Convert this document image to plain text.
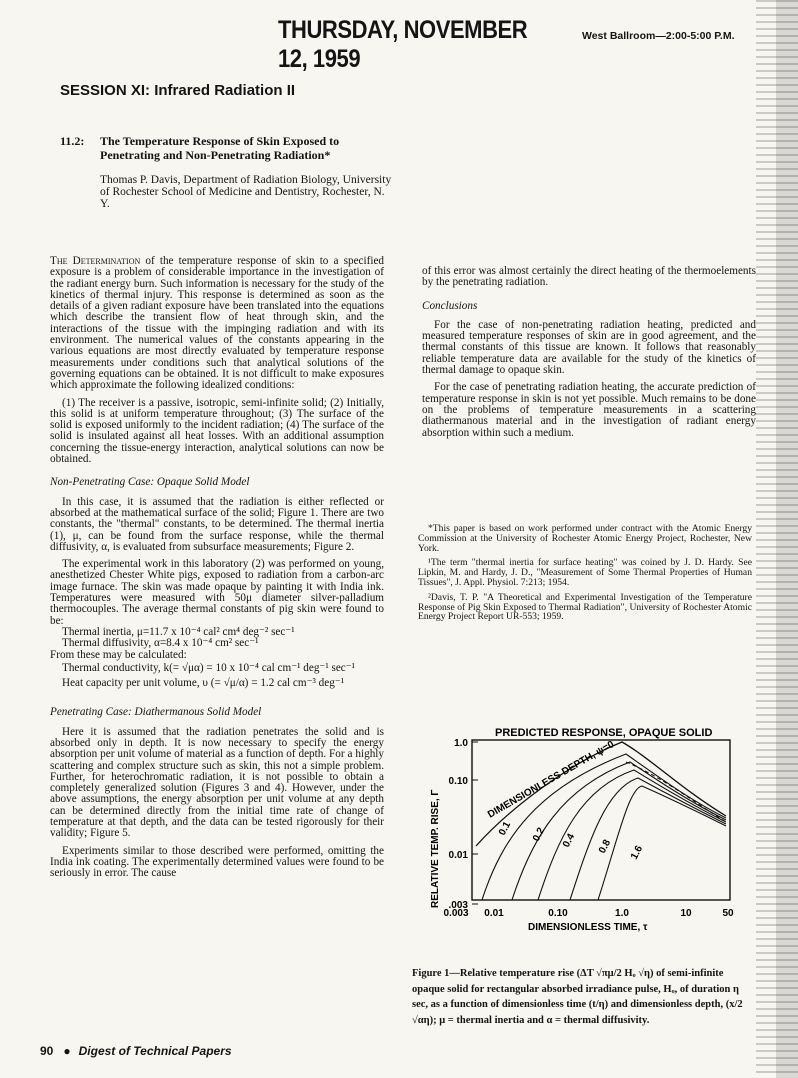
THURSDAY, NOVEMBER 12, 1959
West Ballroom—2:00-5:00 P.M.
SESSION XI: Infrared Radiation II
11.2: The Temperature Response of Skin Exposed to Penetrating and Non-Penetrating Radiation*
Thomas P. Davis, Department of Radiation Biology, University of Rochester School of Medicine and Dentistry, Rochester, N. Y.

The Determination of the temperature response of skin to a specified exposure is a problem of considerable importance in the investigation of the radiant energy burn. Such information is necessary for the study of the kinetics of thermal injury. This response is determined as soon as the details of a given radiant exposure have been translated into the equations which describe the transient flow of heat through skin, and the interactions of the tissue with the impinging radiation and with its environment. The numerical values of the constants appearing in the various equations are most directly evaluated by temperature response measurements under conditions such that analytical solutions of the governing equations can be obtained. It is not difficult to make exposures which approximate the following idealized conditions:

(1) The receiver is a passive, isotropic, semi-infinite solid; (2) Initially, this solid is at uniform temperature throughout; (3) The surface of the solid is exposed uniformly to the incident radiation; (4) The surface of the solid is insulated against all heat losses. With an additional assumption concerning the tissue-energy interaction, analytical solutions can now be obtained.

Non-Penetrating Case: Opaque Solid Model

In this case, it is assumed that the radiation is either reflected or absorbed at the mathematical surface of the solid; Figure 1. There are two constants, the "thermal" constants, to be determined. The thermal inertia (1), μ, can be found from the surface response, while the thermal diffusivity, α, is evaluated from subsurface measurements; Figure 2.

The experimental work in this laboratory (2) was performed on young, anesthetized Chester White pigs, exposed to radiation from a carbon-arc image furnace. The skin was made opaque by painting it with India ink. Temperatures were measured with 50μ diameter silver-palladium thermocouples. The average thermal constants of pig skin were found to be:

Thermal inertia, μ=11.7 x 10⁻⁴ cal² cm⁴ deg⁻² sec⁻¹
Thermal diffusivity, α=8.4 x 10⁻⁴ cm² sec⁻¹
From these may be calculated:
Thermal conductivity, k(= √μα) = 10 x 10⁻⁴ cal cm⁻¹ deg⁻¹ sec⁻¹
Heat capacity per unit volume, υ (= √μ/α) = 1.2 cal cm⁻³ deg⁻¹
Penetrating Case: Diathermanous Solid Model

Here it is assumed that the radiation penetrates the solid and is absorbed only in depth. It is now necessary to specify the energy absorption per unit volume of material as a function of depth. For a highly scattering and complex structure such as skin, this not a simple problem. Further, for heterochromatic radiation, it is not possible to obtain a completely generalized solution (Figures 3 and 4). However, under the above assumptions, the energy absorption per unit volume at any depth can be determined directly from the initial time rate of change of temperature at that depth, and the data can be tested rigorously for their validity; Figure 5.

Experiments similar to those described were performed, omitting the India ink coating. The experimentally determined values were found to be seriously in error. The cause

of this error was almost certainly the direct heating of the thermoelements by the penetrating radiation.

Conclusions

For the case of non-penetrating radiation heating, predicted and measured temperature responses of skin are in good agreement, and the thermal constants of this tissue are known. It follows that reasonably reliable temperature data are available for the study of the kinetics of thermal damage to opaque skin.

For the case of penetrating radiation heating, the accurate prediction of temperature response in skin is not yet possible. Much remains to be done on the problems of temperature measurements in a scattering diathermanous material and in the investigation of radiant energy absorption within such a medium.

*This paper is based on work performed under contract with the Atomic Energy Commission at the University of Rochester Atomic Energy Project, Rochester, New York.

¹The term "thermal inertia for surface heating" was coined by J. D. Hardy. See Lipkin, M. and Hardy, J. D., "Measurement of Some Thermal Properties of Human Tissues", J. Appl. Physiol. 7:213; 1954.

²Davis, T. P. "A Theoretical and Experimental Investigation of the Temperature Response of Pig Skin Exposed to Thermal Radiation", University of Rochester Atomic Energy Project Report UR-553; 1959.

PREDICTED RESPONSE, OPAQUE SOLID
RELATIVE TEMP. RISE, Γ
1.0
0.10
0.01
.003
0.003 0.01	0.10	1.0	10	50
0.1 0.2 0.4 0.8 1.6
DIMENSIONLESS DEPTH, ψ=0
DIMENSIONLESS TIME, τ
Figure 1—Relative temperature rise (ΔT √πμ/2 Hₒ √η) of semi-infinite opaque solid for rectangular absorbed irradiance pulse, Hₒ, of duration η sec, as a function of dimensionless time (t/η) and dimensionless depth, (x/2 √αη); μ = thermal inertia and α = thermal diffusivity.
90 ● Digest of Technical Papers
